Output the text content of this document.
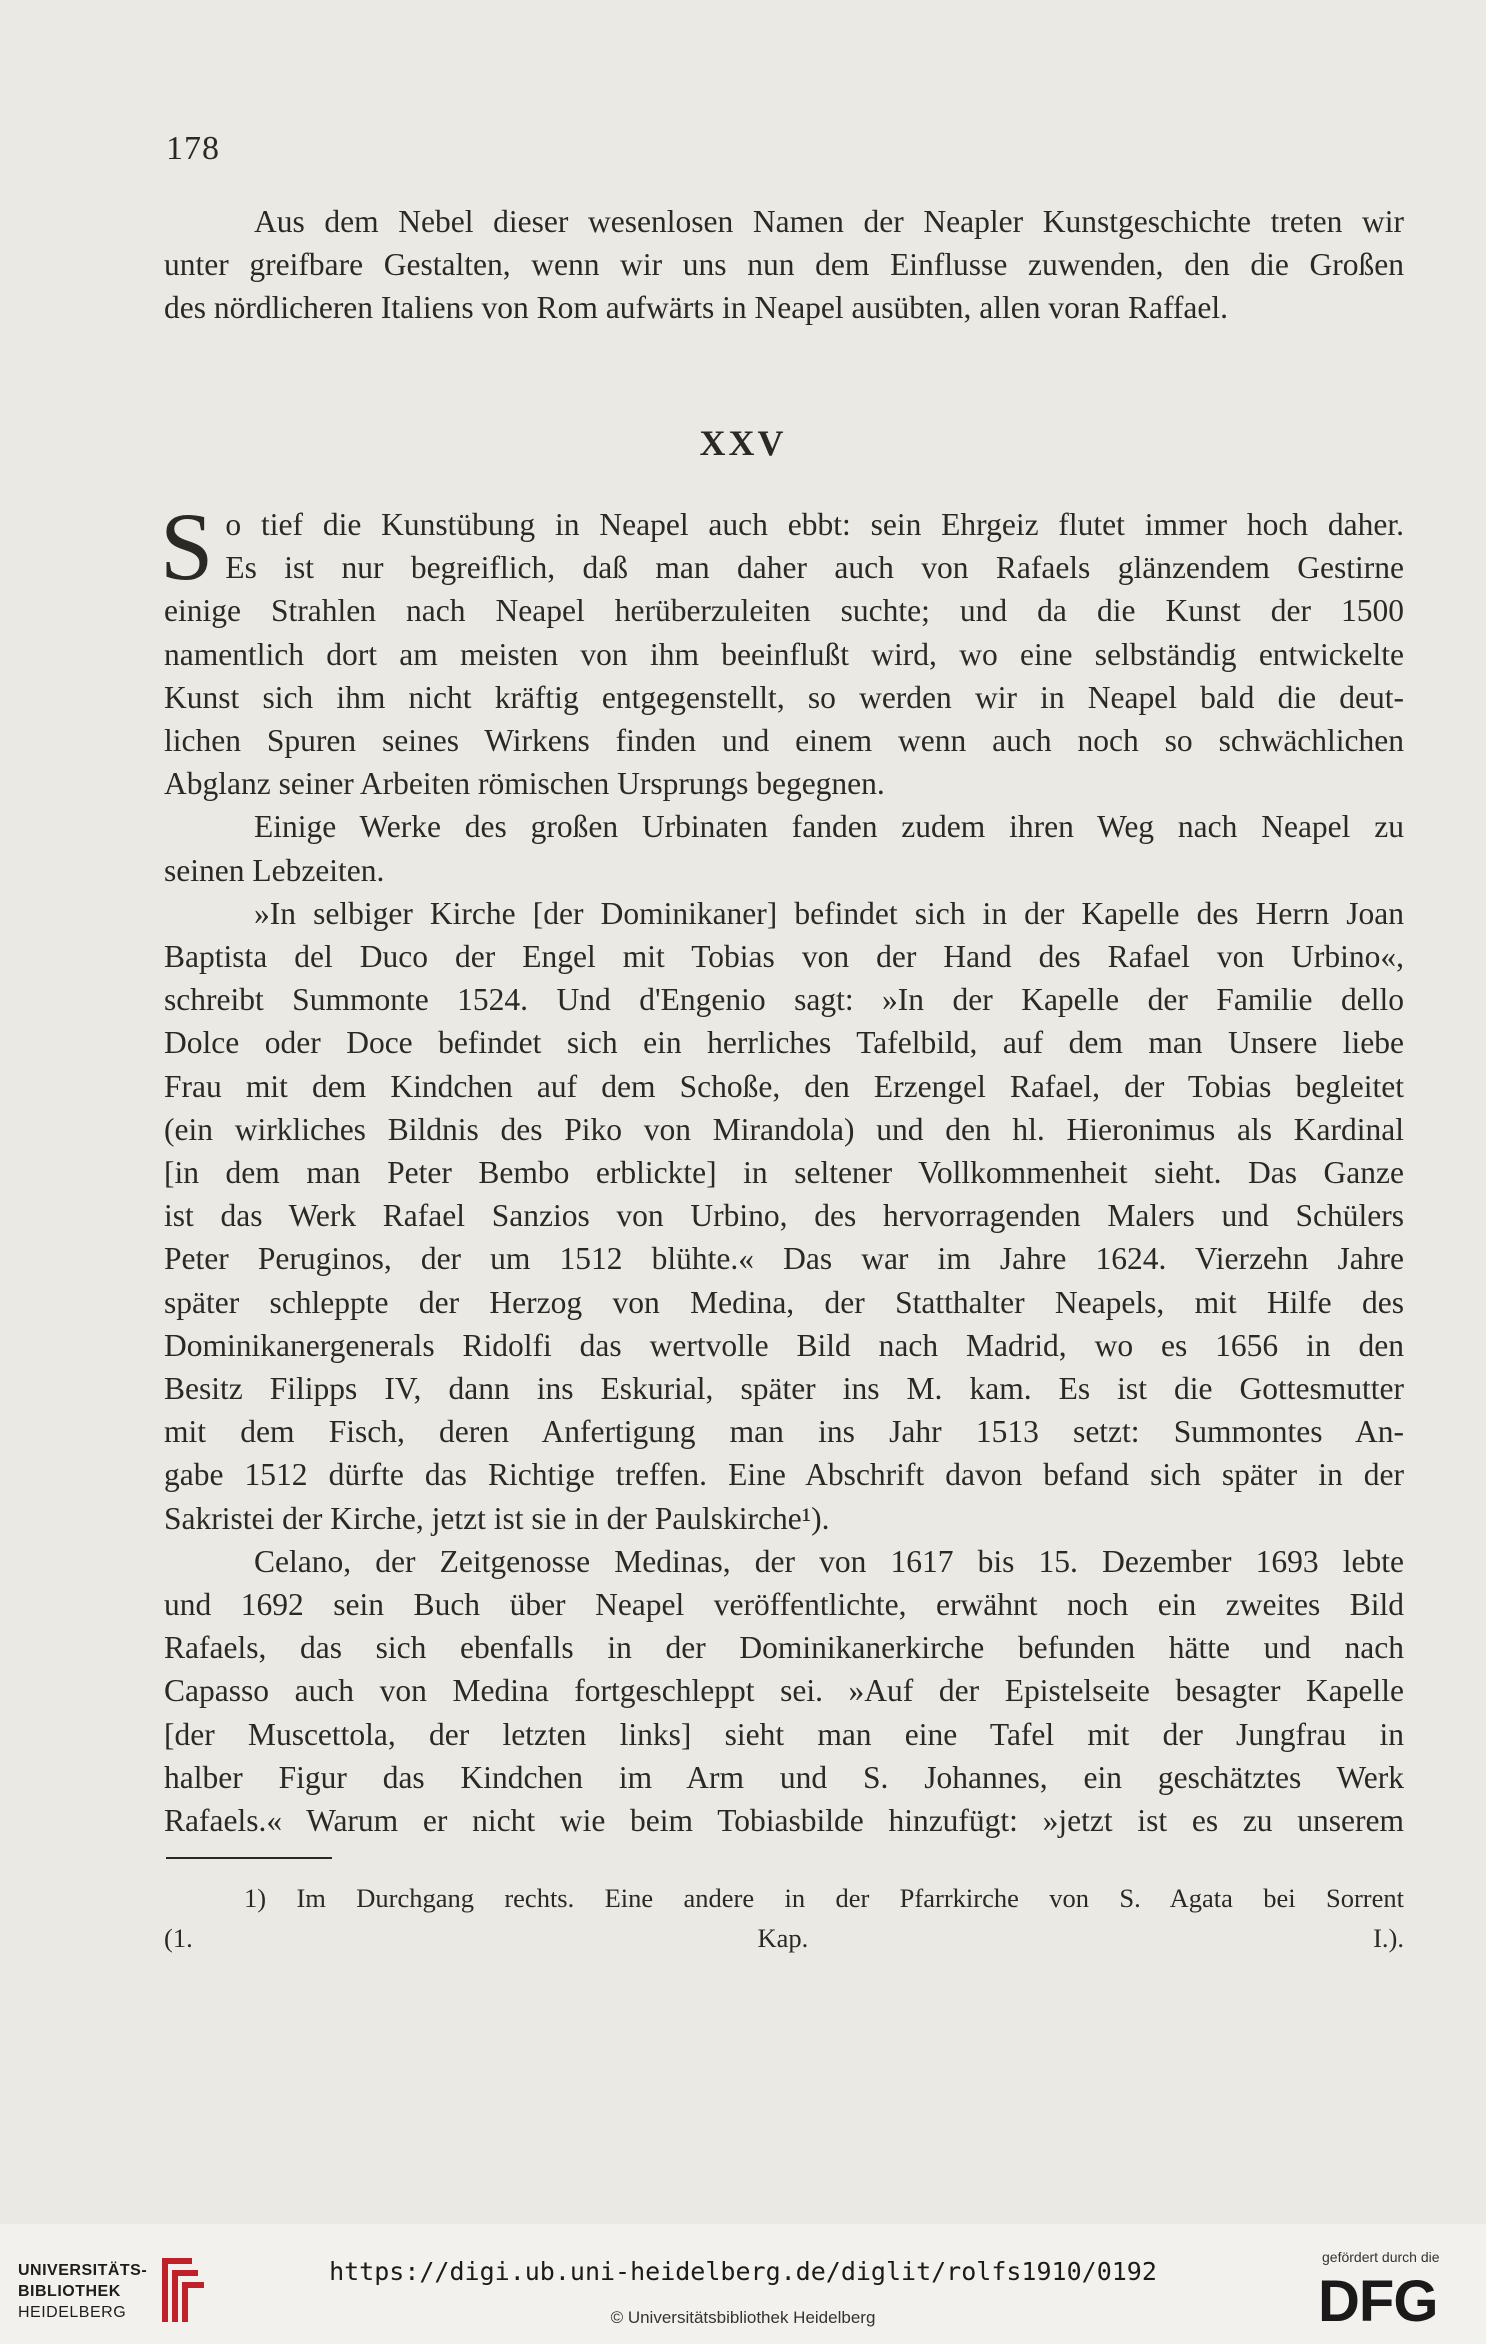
178
Aus dem Nebel dieser wesenlosen Namen der Neapler Kunstgeschichte treten wir
unter greifbare Gestalten, wenn wir uns nun dem Einflusse zuwenden, den die Großen
des nördlicheren Italiens von Rom aufwärts in Neapel ausübten, allen voran Raffael.
XXV
S o tief die Kunstübung in Neapel auch ebbt: sein Ehrgeiz flutet immer hoch daher.
Es ist nur begreiflich, daß man daher auch von Rafaels glänzendem Gestirne
einige Strahlen nach Neapel herüberzuleiten suchte; und da die Kunst der 1500
namentlich dort am meisten von ihm beeinflußt wird, wo eine selbständig entwickelte
Kunst sich ihm nicht kräftig entgegenstellt, so werden wir in Neapel bald die deut-
lichen Spuren seines Wirkens finden und einem wenn auch noch so schwächlichen
Abglanz seiner Arbeiten römischen Ursprungs begegnen.
Einige Werke des großen Urbinaten fanden zudem ihren Weg nach Neapel zu
seinen Lebzeiten.
»In selbiger Kirche [der Dominikaner] befindet sich in der Kapelle des Herrn Joan
Baptista del Duco der Engel mit Tobias von der Hand des Rafael von Urbino«,
schreibt Summonte 1524. Und d'Engenio sagt: »In der Kapelle der Familie dello
Dolce oder Doce befindet sich ein herrliches Tafelbild, auf dem man Unsere liebe
Frau mit dem Kindchen auf dem Schoße, den Erzengel Rafael, der Tobias begleitet
(ein wirkliches Bildnis des Piko von Mirandola) und den hl. Hieronimus als Kardinal
[in dem man Peter Bembo erblickte] in seltener Vollkommenheit sieht. Das Ganze
ist das Werk Rafael Sanzios von Urbino, des hervorragenden Malers und Schülers
Peter Peruginos, der um 1512 blühte.« Das war im Jahre 1624. Vierzehn Jahre
später schleppte der Herzog von Medina, der Statthalter Neapels, mit Hilfe des
Dominikanergenerals Ridolfi das wertvolle Bild nach Madrid, wo es 1656 in den
Besitz Filipps IV, dann ins Eskurial, später ins M. kam. Es ist die Gottesmutter
mit dem Fisch, deren Anfertigung man ins Jahr 1513 setzt: Summontes An-
gabe 1512 dürfte das Richtige treffen. Eine Abschrift davon befand sich später in der
Sakristei der Kirche, jetzt ist sie in der Paulskirche¹).
Celano, der Zeitgenosse Medinas, der von 1617 bis 15. Dezember 1693 lebte
und 1692 sein Buch über Neapel veröffentlichte, erwähnt noch ein zweites Bild
Rafaels, das sich ebenfalls in der Dominikanerkirche befunden hätte und nach
Capasso auch von Medina fortgeschleppt sei. »Auf der Epistelseite besagter Kapelle
[der Muscettola, der letzten links] sieht man eine Tafel mit der Jungfrau in
halber Figur das Kindchen im Arm und S. Johannes, ein geschätztes Werk
Rafaels.« Warum er nicht wie beim Tobiasbilde hinzufügt: »jetzt ist es zu unserem
1) Im Durchgang rechts. Eine andere in der Pfarrkirche von S. Agata bei Sorrent
(1. Kap. I.).
UNIVERSITÄTS-
BIBLIOTHEK
HEIDELBERG
https://digi.ub.uni-heidelberg.de/diglit/rolfs1910/0192
© Universitätsbibliothek Heidelberg
gefördert durch die
DFG
